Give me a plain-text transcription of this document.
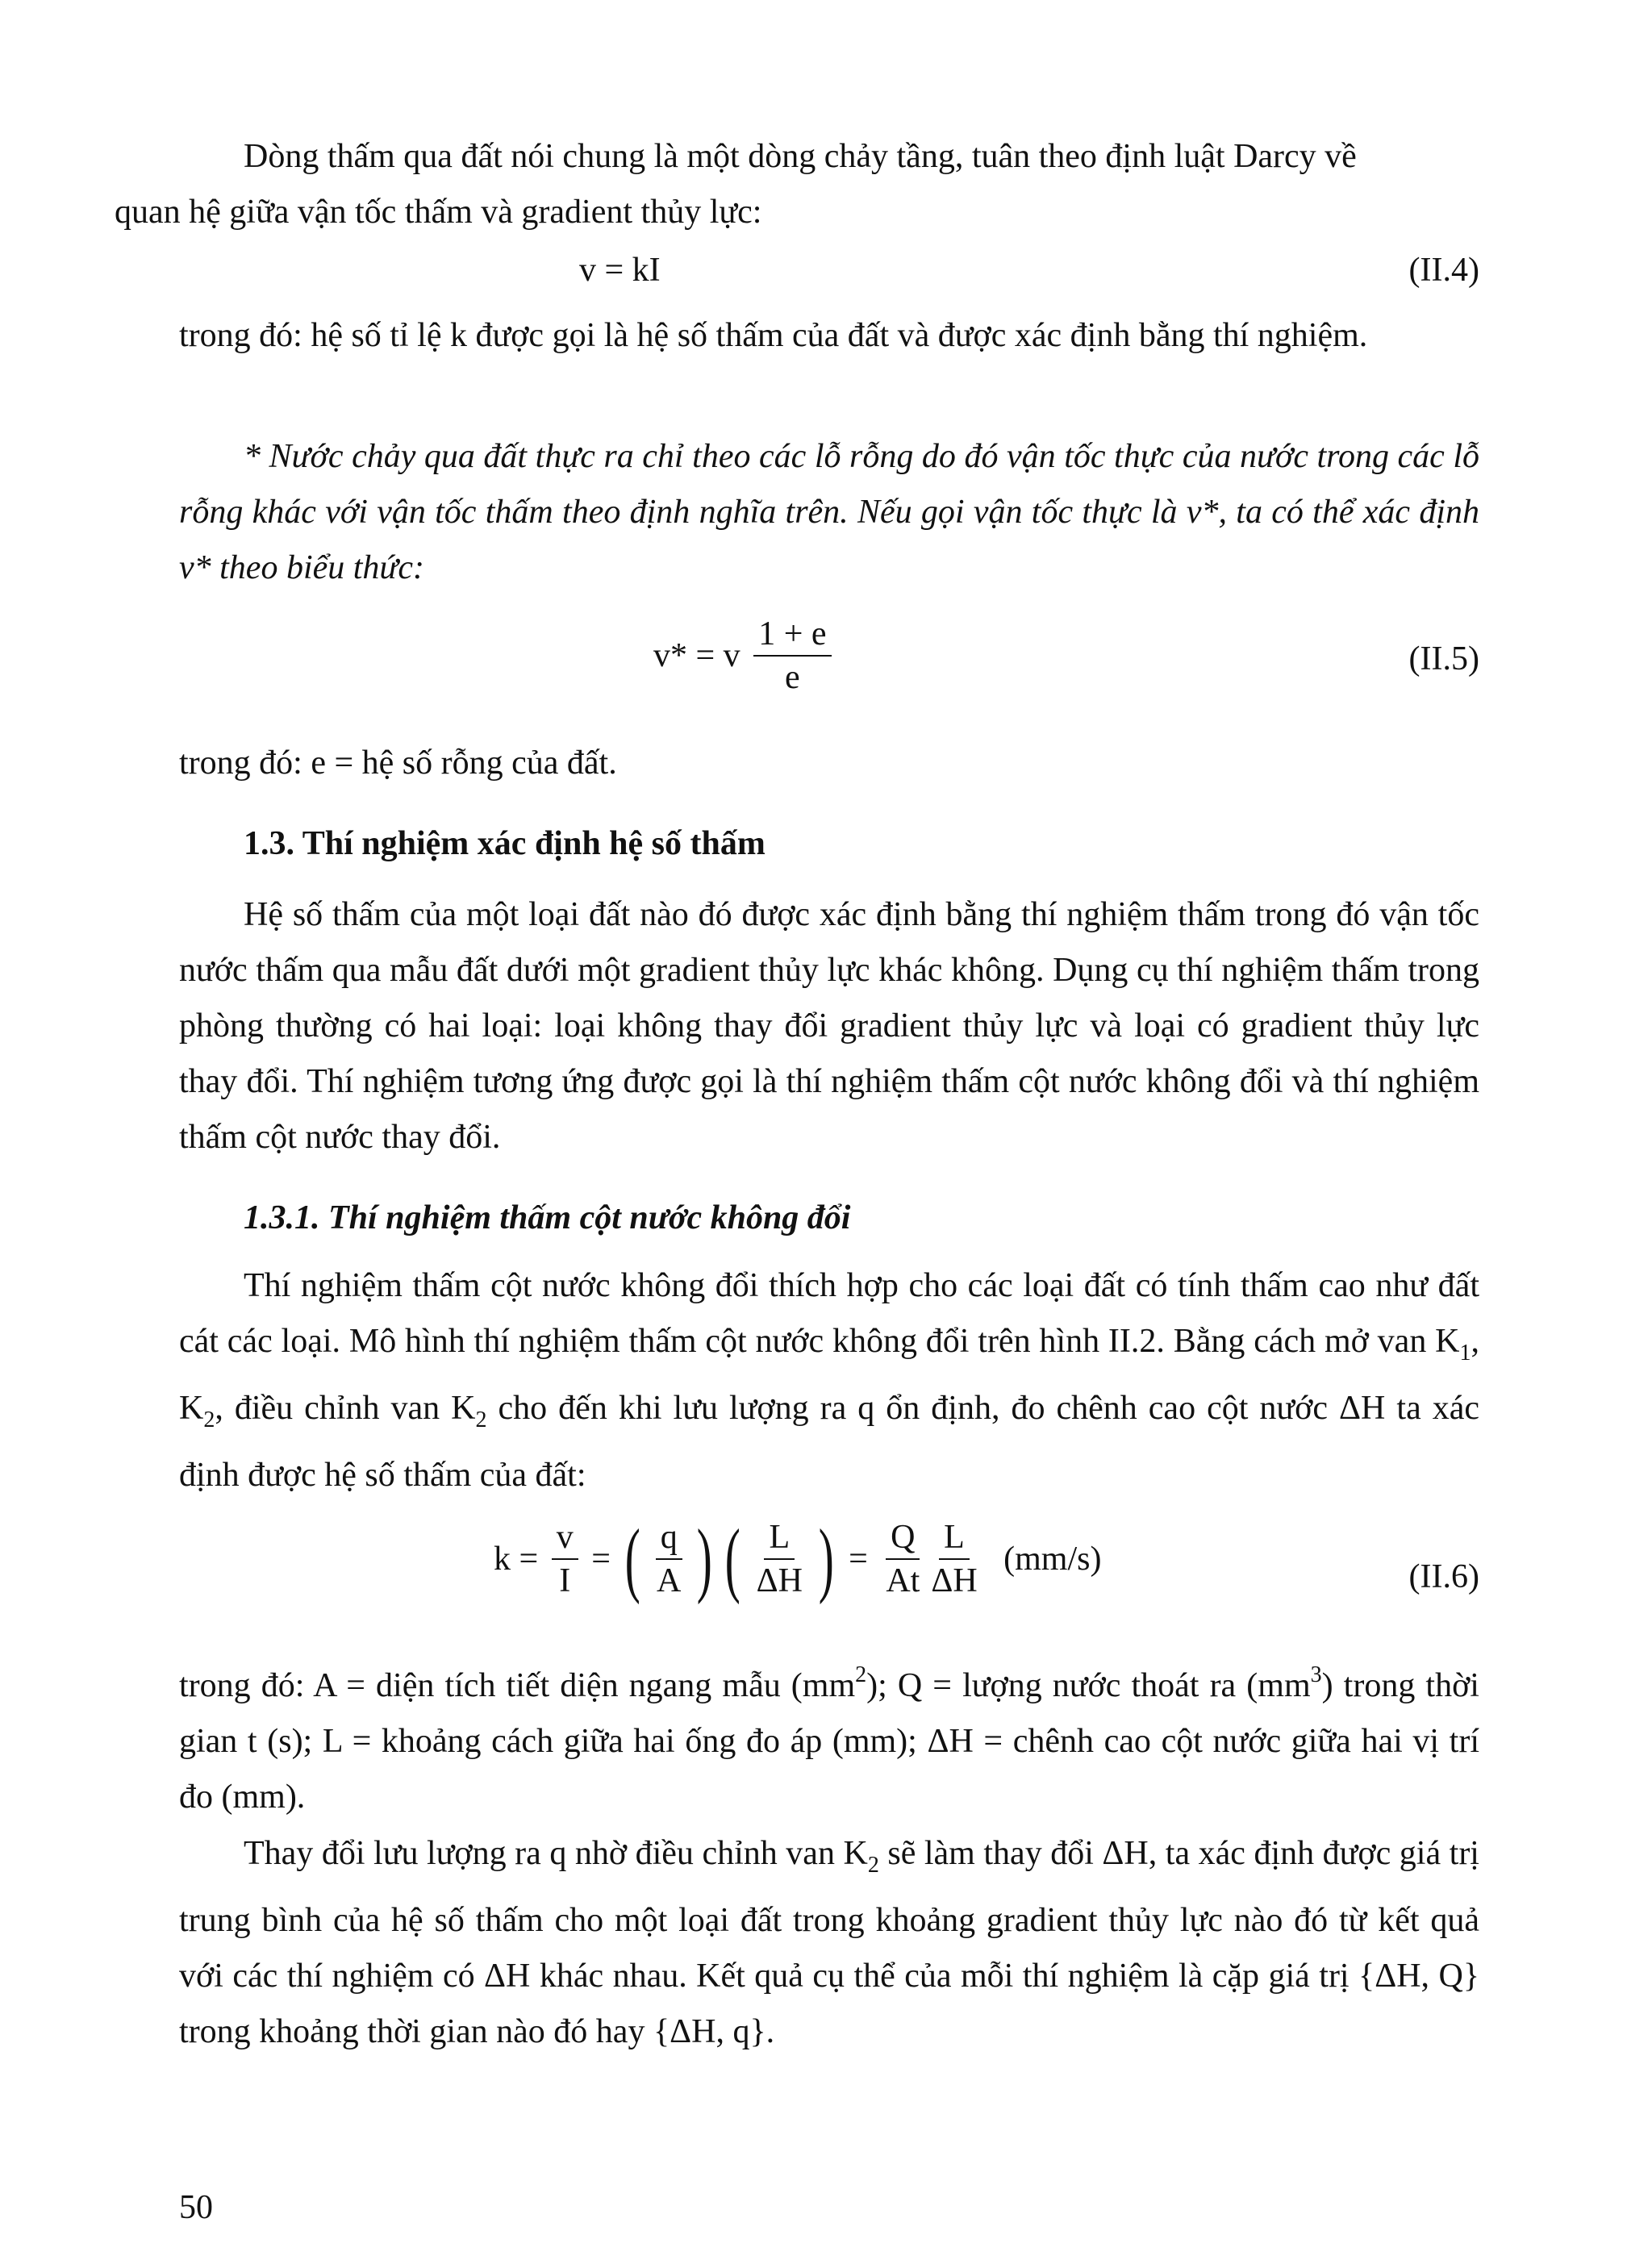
Dòng thấm qua đất nói chung là một dòng chảy tầng, tuân theo định luật Darcy về
quan hệ giữa vận tốc thấm và gradient thủy lực:

v = kI	(II.4)

trong đó: hệ số tỉ lệ k được gọi là hệ số thấm của đất và được xác định bằng thí nghiệm.

* Nước chảy qua đất thực ra chỉ theo các lỗ rỗng do đó vận tốc thực của nước trong các lỗ rỗng khác với vận tốc thấm theo định nghĩa trên. Nếu gọi vận tốc thực là v*, ta có thể xác định v* theo biểu thức:

v* = v $\frac{1 + e}{e}$	(II.5)

trong đó: e = hệ số rỗng của đất.

1.3. Thí nghiệm xác định hệ số thấm

Hệ số thấm của một loại đất nào đó được xác định bằng thí nghiệm thấm trong đó vận tốc nước thấm qua mẫu đất dưới một gradient thủy lực khác không. Dụng cụ thí nghiệm thấm trong phòng thường có hai loại: loại không thay đổi gradient thủy lực và loại có gradient thủy lực thay đổi. Thí nghiệm tương ứng được gọi là thí nghiệm thấm cột nước không đổi và thí nghiệm thấm cột nước thay đổi.

1.3.1. Thí nghiệm thấm cột nước không đổi

Thí nghiệm thấm cột nước không đổi thích hợp cho các loại đất có tính thấm cao như đất cát các loại. Mô hình thí nghiệm thấm cột nước không đổi trên hình II.2. Bằng cách mở van $K_1$, $K_2$, điều chỉnh van $K_2$ cho đến khi lưu lượng ra q ổn định, đo chênh cao cột nước ΔH ta xác định được hệ số thấm của đất:

$k = \frac{v}{I}$ = ( $\frac{q}{A}$ ) ( $\frac{L}{\Delta H}$ ) = $\frac{Q}{At} \frac{L}{\Delta H} (mm/s)$	(II.6)

trong đó: A = diện tích tiết diện ngang mẫu $(mm^2)$; Q = lượng nước thoát ra $(mm^3)$ trong thời gian t (s); L = khoảng cách giữa hai ống đo áp (mm); ΔH = chênh cao cột nước giữa hai vị trí đo (mm).

Thay đổi lưu lượng ra q nhờ điều chỉnh van $K_2$ sẽ làm thay đổi ΔH, ta xác định được giá trị trung bình của hệ số thấm cho một loại đất trong khoảng gradient thủy lực nào đó từ kết quả với các thí nghiệm có ΔH khác nhau. Kết quả cụ thể của mỗi thí nghiệm là cặp giá trị {ΔH, Q} trong khoảng thời gian nào đó hay {ΔH, q}.

50
